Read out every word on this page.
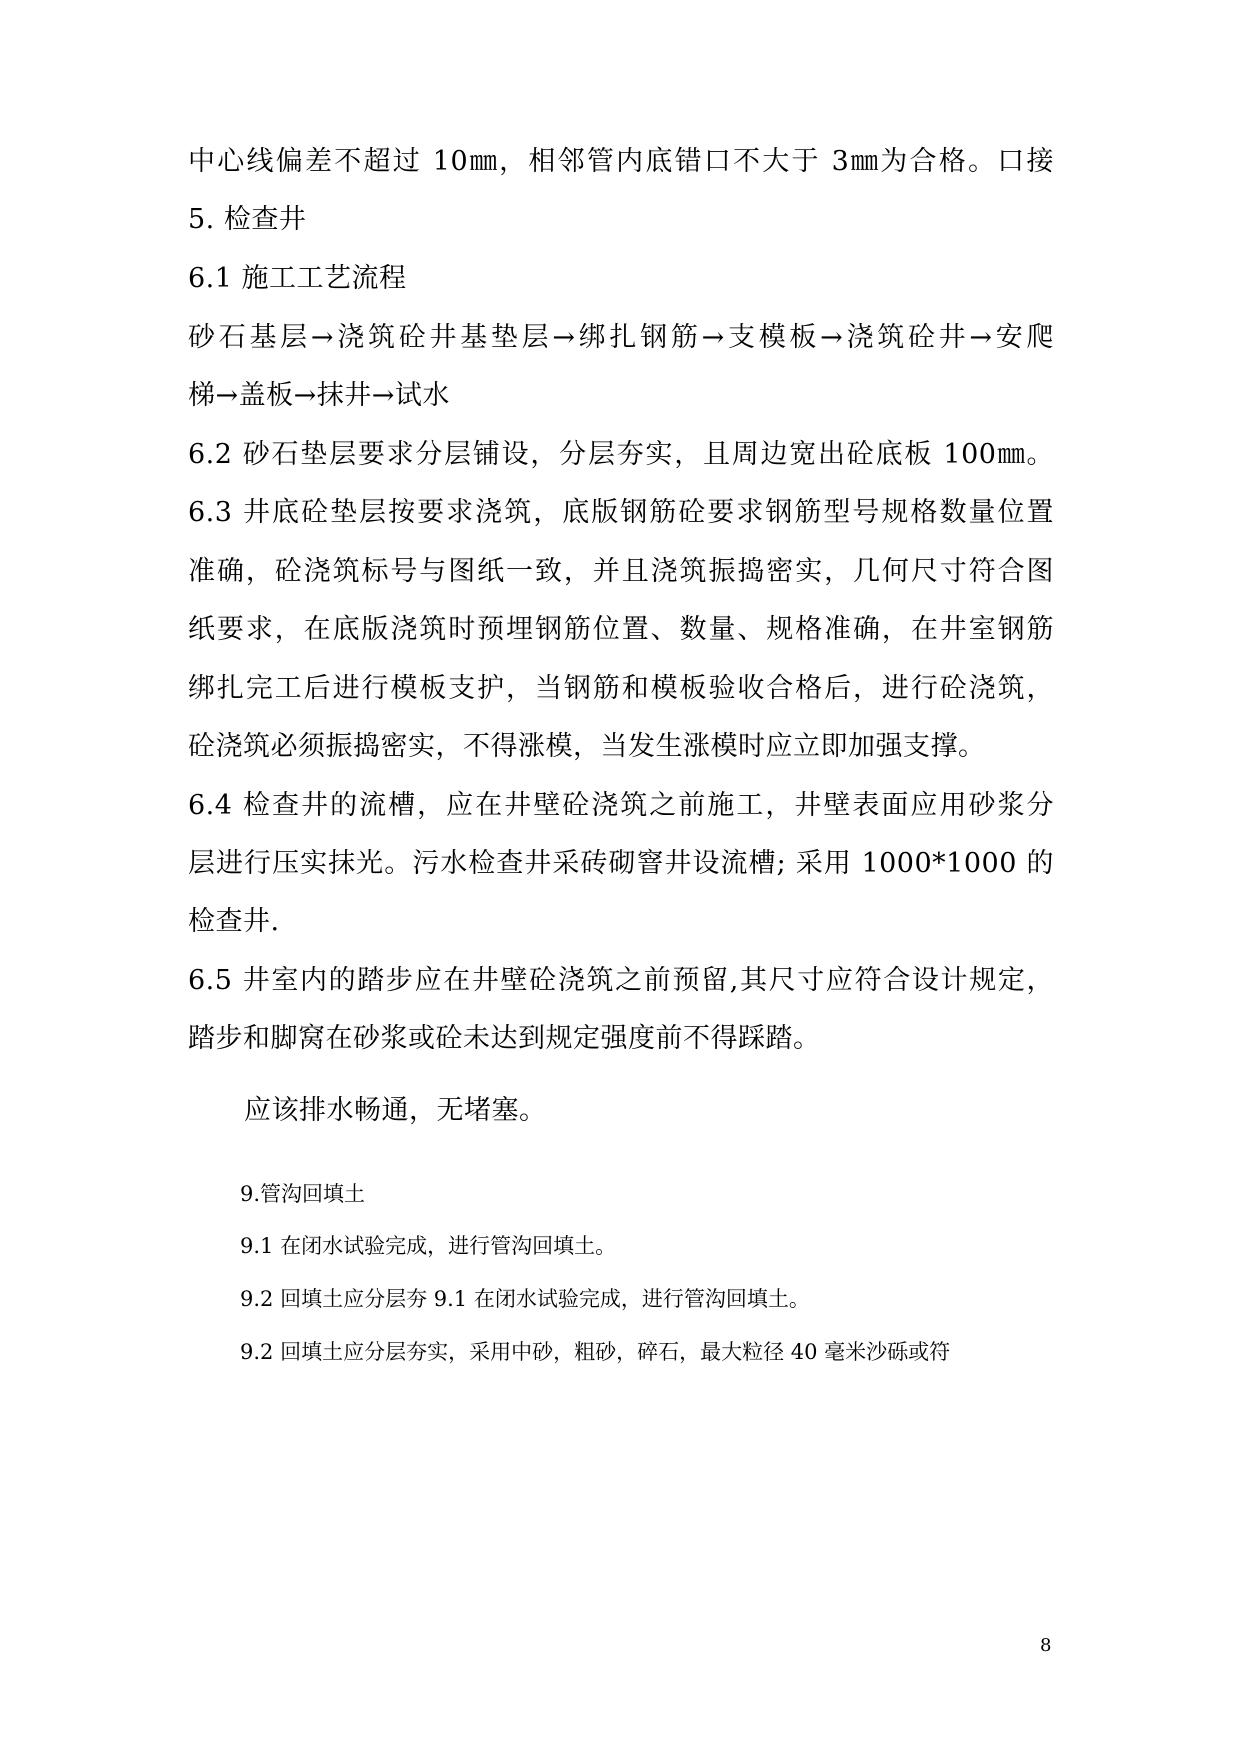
中心线偏差不超过 10㎜，相邻管内底错口不大于 3㎜为合格。口接
5. 检查井
6.1 施工工艺流程
砂石基层→浇筑砼井基垫层→绑扎钢筋→支模板→浇筑砼井→安爬
梯→盖板→抹井→试水
6.2 砂石垫层要求分层铺设，分层夯实，且周边宽出砼底板 100㎜。
6.3 井底砼垫层按要求浇筑，底版钢筋砼要求钢筋型号规格数量位置
准确，砼浇筑标号与图纸一致，并且浇筑振捣密实，几何尺寸符合图
纸要求，在底版浇筑时预埋钢筋位置、数量、规格准确，在井室钢筋
绑扎完工后进行模板支护，当钢筋和模板验收合格后，进行砼浇筑，
砼浇筑必须振捣密实，不得涨模，当发生涨模时应立即加强支撑。
6.4 检查井的流槽，应在井壁砼浇筑之前施工，井壁表面应用砂浆分
层进行压实抹光。污水检查井采砖砌窨井设流槽; 采用 1000*1000 的
检查井.
6.5 井室内的踏步应在井壁砼浇筑之前预留,其尺寸应符合设计规定，
踏步和脚窝在砂浆或砼未达到规定强度前不得踩踏。
应该排水畅通，无堵塞。
9.管沟回填土
9.1 在闭水试验完成，进行管沟回填土。
9.2 回填土应分层夯 9.1 在闭水试验完成，进行管沟回填土。
9.2 回填土应分层夯实，采用中砂，粗砂，碎石，最大粒径 40 毫米沙砾或符
8
